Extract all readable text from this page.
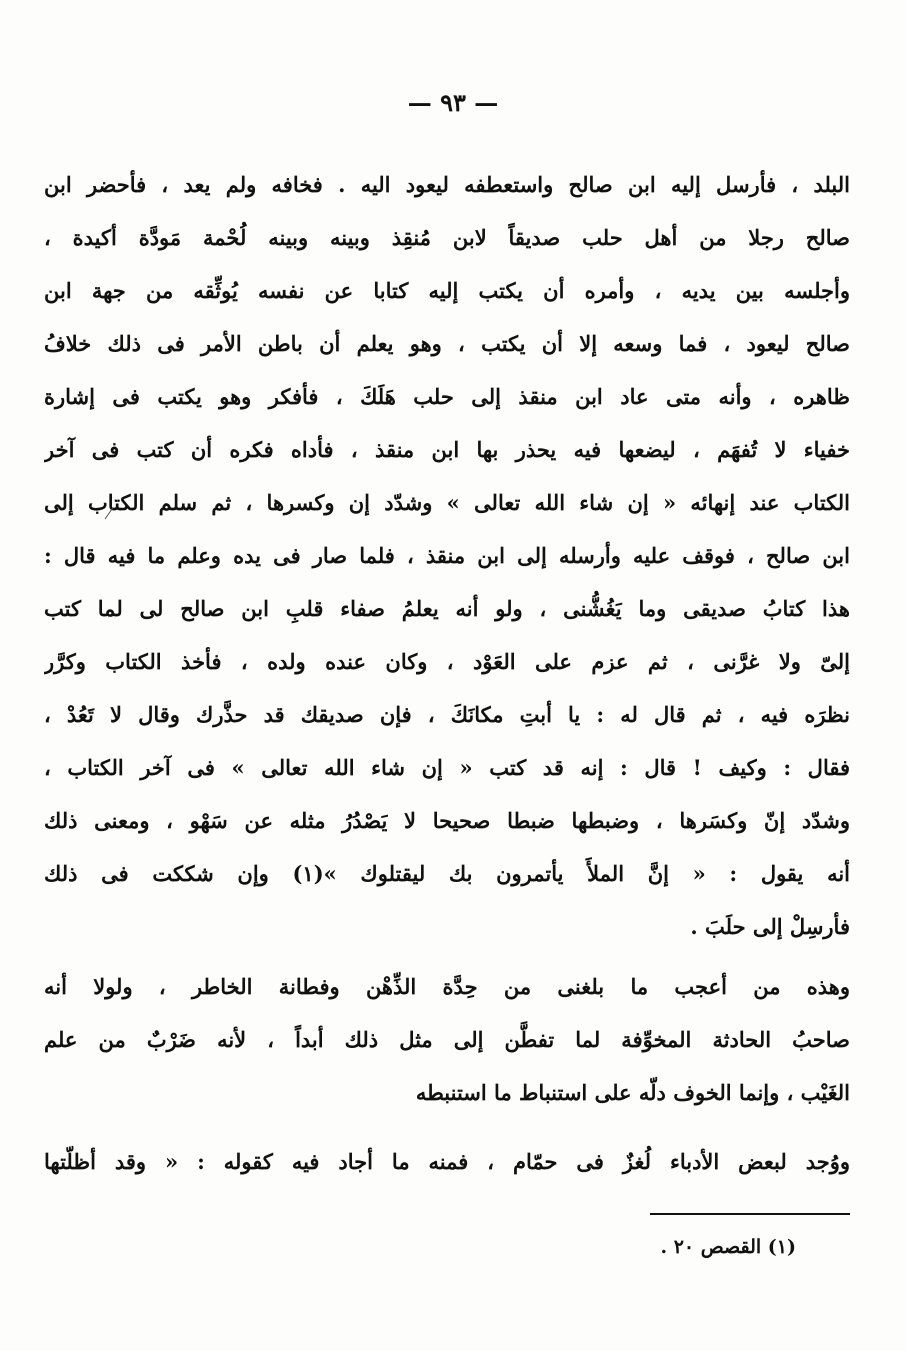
— ٩٣ —
البلد ، فأرسل إليه ابن صالح واستعطفه ليعود اليه . فخافه ولم يعد ، فأحضر ابن
صالح رجلا من أهل حلب صديقاً لابن مُنقِذ وبينه وبينه لُحْمة مَودَّة أكيدة ،
وأجلسه بين يديه ، وأمره أن يكتب إليه كتابا عن نفسه يُوثِّقه من جهة ابن
صالح ليعود ، فما وسعه إلا أن يكتب ، وهو يعلم أن باطن الأمر فى ذلك خلافُ
ظاهره ، وأنه متى عاد ابن منقذ إلى حلب هَلَكَ ، فأفكر وهو يكتب فى إشارة
خفياء لا تُفهَم ، ليضعها فيه يحذر بها ابن منقذ ، فأداه فكره أن كتب فى آخر
الكتاب عند إنهائه « إن شاء الله تعالى » وشدّد إن وكسرها ، ثم سلم الكتاب إلى
ابن صالح ، فوقف عليه وأرسله إلى ابن منقذ ، فلما صار فى يده وعلم ما فيه قال :
هذا كتابُ صديقى وما يَغُشُّنى ، ولو أنه يعلمُ صفاء قلبِ ابن صالح لى لما كتب
إلىّ ولا غرَّنى ، ثم عزم على العَوْد ، وكان عنده ولده ، فأخذ الكتاب وكرَّر
نظرَه فيه ، ثم قال له : يا أبتِ مكانَكَ ، فإن صديقك قد حذَّرك وقال لا تَعُدْ ،
فقال : وكيف ! قال : إنه قد كتب « إن شاء الله تعالى » فى آخر الكتاب ،
وشدّد إنّ وكسَرها ، وضبطها ضبطا صحيحا لا يَصْدُرُ مثله عن سَهْو ، ومعنى ذلك
أنه يقول : « إنَّ الملأَ يأتمرون بك ليقتلوك »(١) وإن شككت فى ذلك
فأرسِلْ إلى حلَبَ .
وهذه من أعجب ما بلغنى من حِدَّة الذِّهْن وفطانة الخاطر ، ولولا أنه
صاحبُ الحادثة المخوِّفة لما تفطَّن إلى مثل ذلك أبداً ، لأنه ضَرْبٌ من علم
الغَيْب ، وإنما الخوف دلّه على استنباط ما استنبطه
ووُجد لبعض الأدباء لُغزٌ فى حمّام ، فمنه ما أجاد فيه كقوله : « وقد أظلّتها
(١) القصص ٢٠ .
